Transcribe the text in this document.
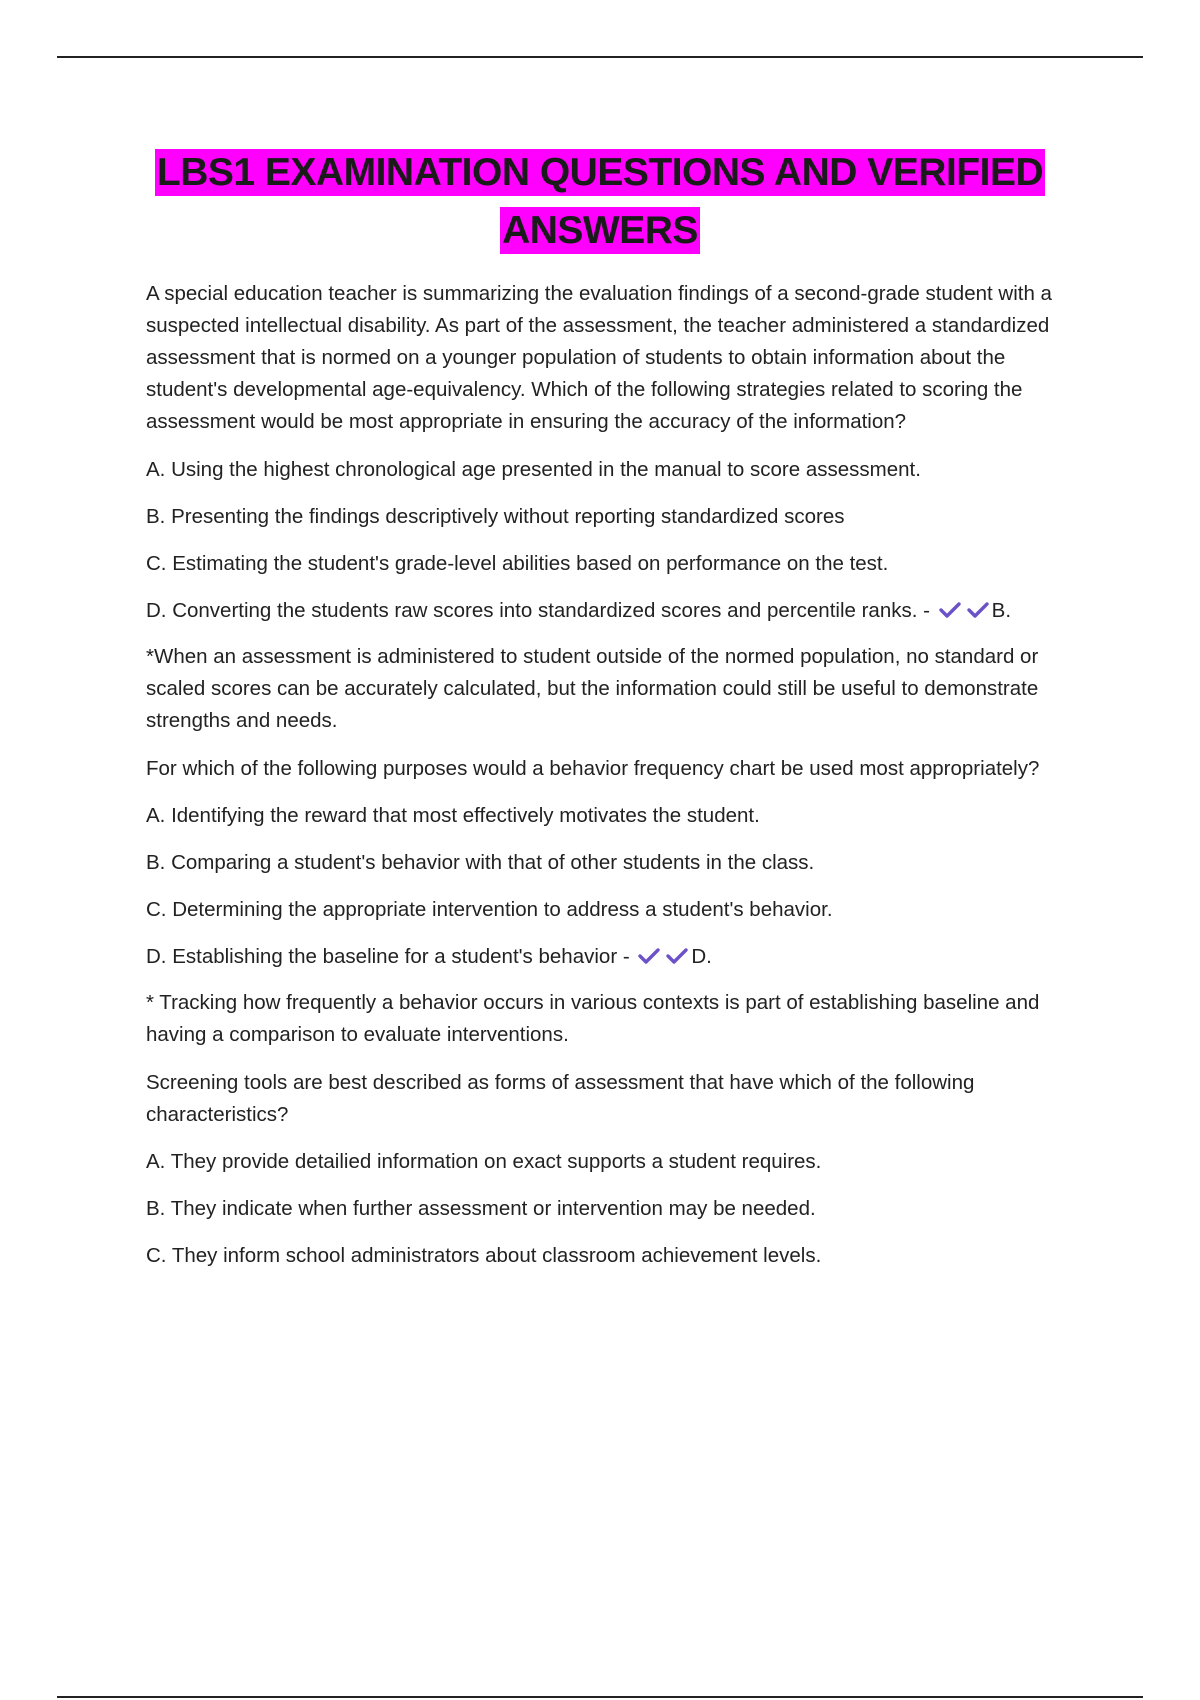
LBS1 EXAMINATION QUESTIONS AND VERIFIED ANSWERS

A special education teacher is summarizing the evaluation findings of a second-grade student with a suspected intellectual disability. As part of the assessment, the teacher administered a standardized assessment that is normed on a younger population of students to obtain information about the student's developmental age-equivalency. Which of the following strategies related to scoring the assessment would be most appropriate in ensuring the accuracy of the information?

A. Using the highest chronological age presented in the manual to score assessment.

B. Presenting the findings descriptively without reporting standardized scores

C. Estimating the student's grade-level abilities based on performance on the test.

D. Converting the students raw scores into standardized scores and percentile ranks. -	B.

*When an assessment is administered to student outside of the normed population, no standard or scaled scores can be accurately calculated, but the information could still be useful to demonstrate strengths and needs.

For which of the following purposes would a behavior frequency chart be used most appropriately?

A. Identifying the reward that most effectively motivates the student.

B. Comparing a student's behavior with that of other students in the class.

C. Determining the appropriate intervention to address a student's behavior.

D. Establishing the baseline for a student's behavior -	D.

* Tracking how frequently a behavior occurs in various contexts is part of establishing baseline and having a comparison to evaluate interventions.

Screening tools are best described as forms of assessment that have which of the following characteristics?

A. They provide detailied information on exact supports a student requires.

B. They indicate when further assessment or intervention may be needed.

C. They inform school administrators about classroom achievement levels.
